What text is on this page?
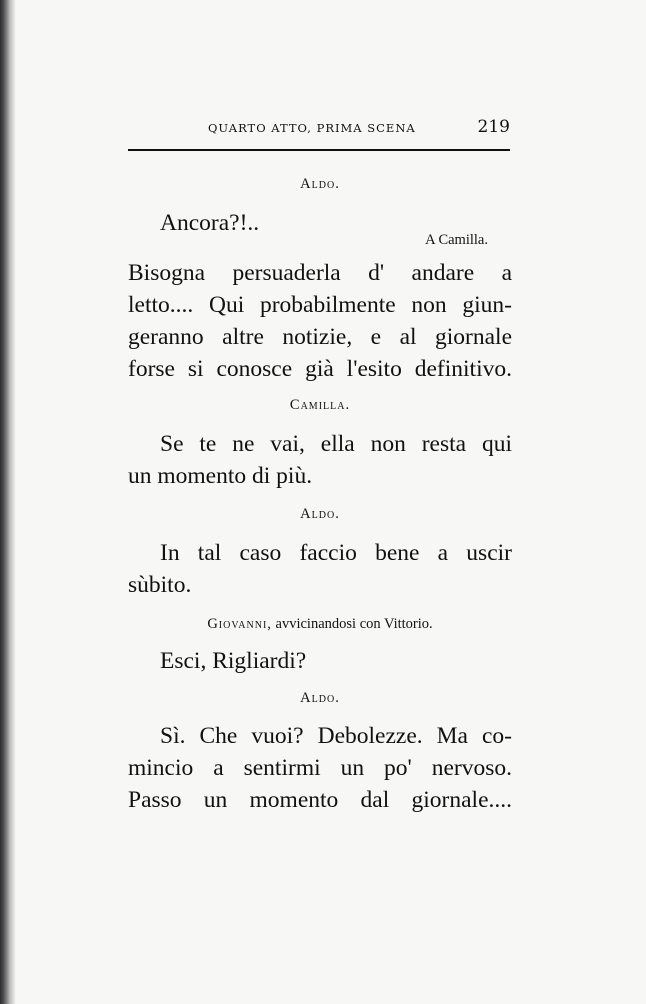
QUARTO ATTO, PRIMA SCENA	219
Aldo.
Ancora?!..
A Camilla.
Bisogna persuaderla d' andare a
letto.... Qui probabilmente non giun-
geranno altre notizie, e al giornale
forse si conosce già l'esito definitivo.
Camilla.
Se te ne vai, ella non resta qui
un momento di più.
Aldo.
In tal caso faccio bene a uscir
sùbito.
Giovanni, avvicinandosi con Vittorio.
Esci, Rigliardi?
Aldo.
Sì. Che vuoi? Debolezze. Ma co-
mincio a sentirmi un po' nervoso.
Passo un momento dal giornale....
